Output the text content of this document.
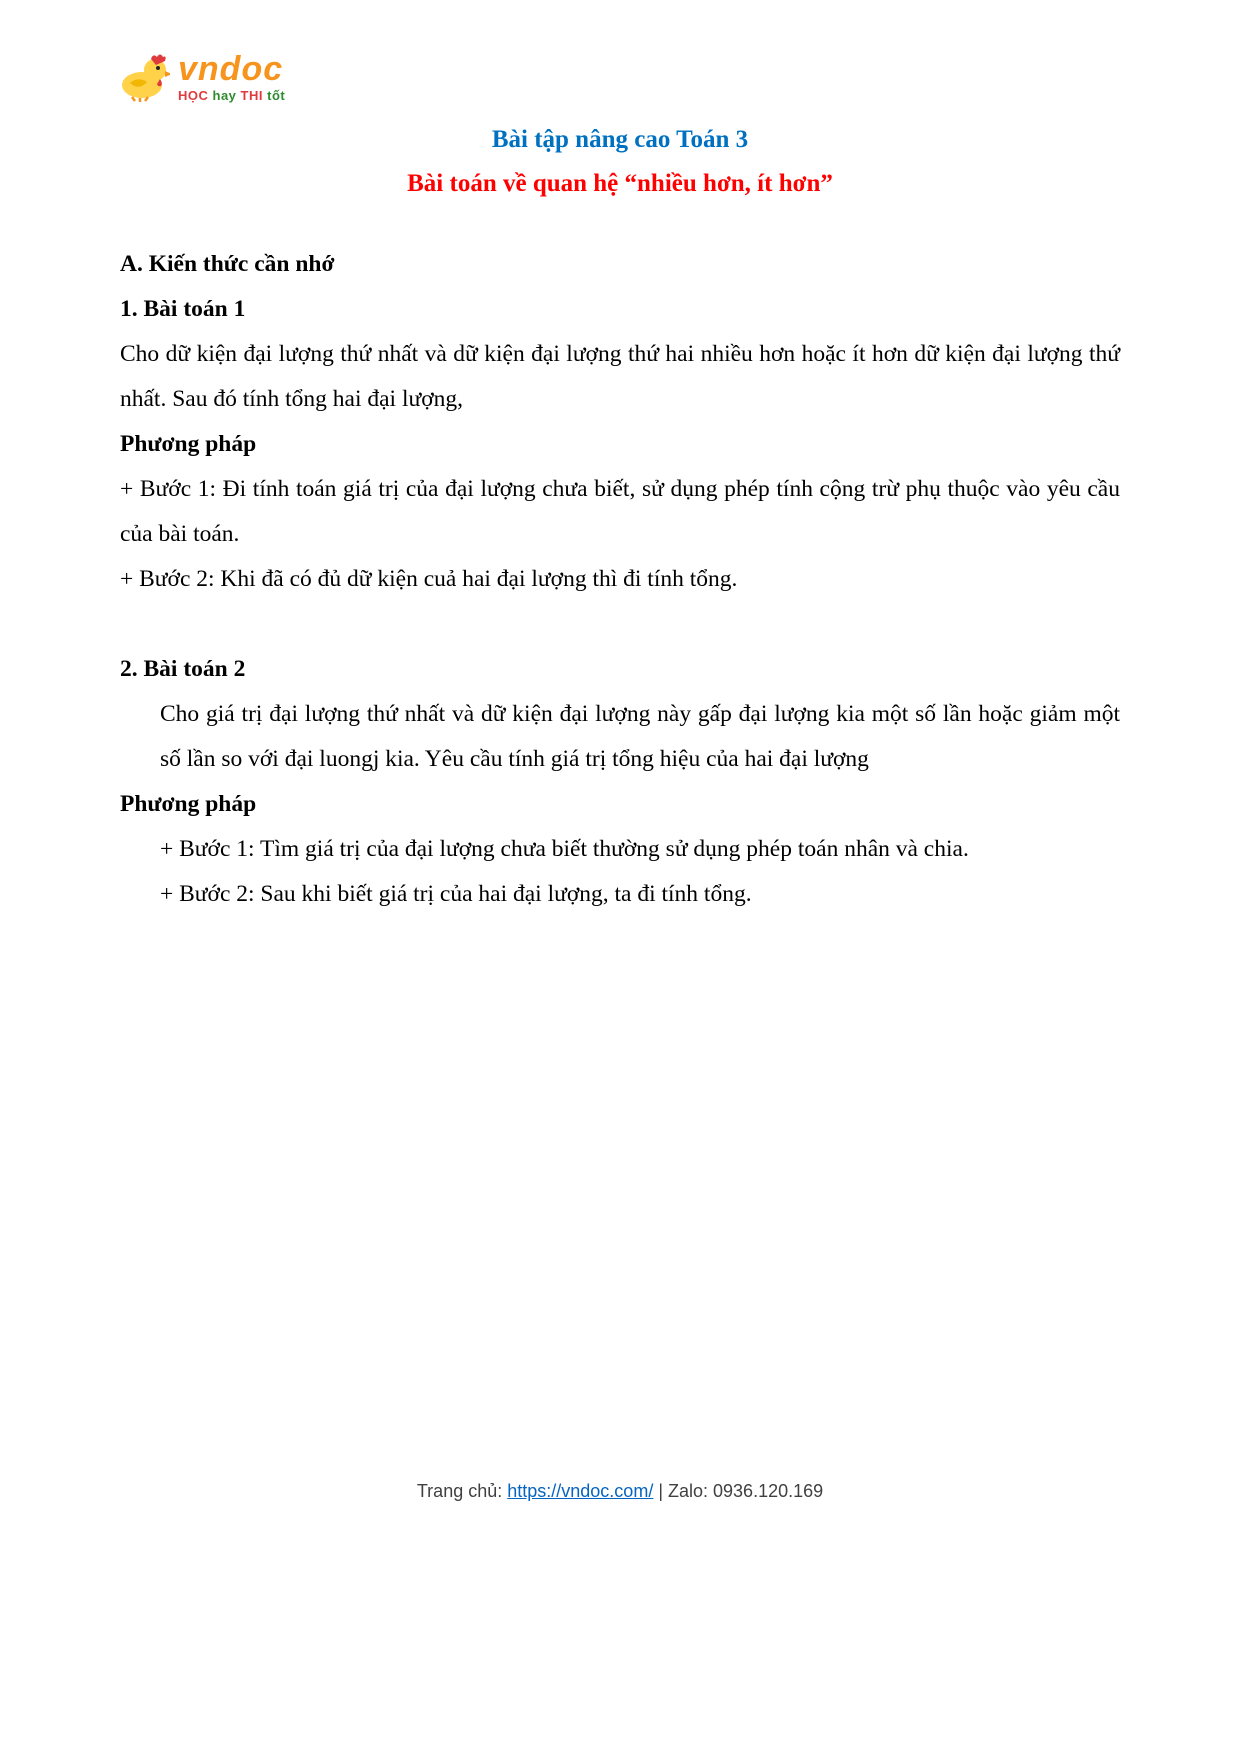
vndoc
HỌC hay THI tốt
Bài tập nâng cao Toán 3
Bài toán về quan hệ “nhiều hơn, ít hơn”

A. Kiến thức cần nhớ

1. Bài toán 1

Cho dữ kiện đại lượng thứ nhất và dữ kiện đại lượng thứ hai nhiều hơn hoặc ít hơn dữ kiện đại lượng thứ nhất. Sau đó tính tổng hai đại lượng,

Phương pháp

+ Bước 1: Đi tính toán giá trị của đại lượng chưa biết, sử dụng phép tính cộng trừ phụ thuộc vào yêu cầu của bài toán.

+ Bước 2: Khi đã có đủ dữ kiện cuả hai đại lượng thì đi tính tổng.

2. Bài toán 2

Cho giá trị đại lượng thứ nhất và dữ kiện đại lượng này gấp đại lượng kia một số lần hoặc giảm một số lần so với đại luongj kia. Yêu cầu tính giá trị tổng hiệu của hai đại lượng

Phương pháp

+ Bước 1: Tìm giá trị của đại lượng chưa biết thường sử dụng phép toán nhân và chia.

+ Bước 2: Sau khi biết giá trị của hai đại lượng, ta đi tính tổng.

Trang chủ: https://vndoc.com/ | Zalo: 0936.120.169
